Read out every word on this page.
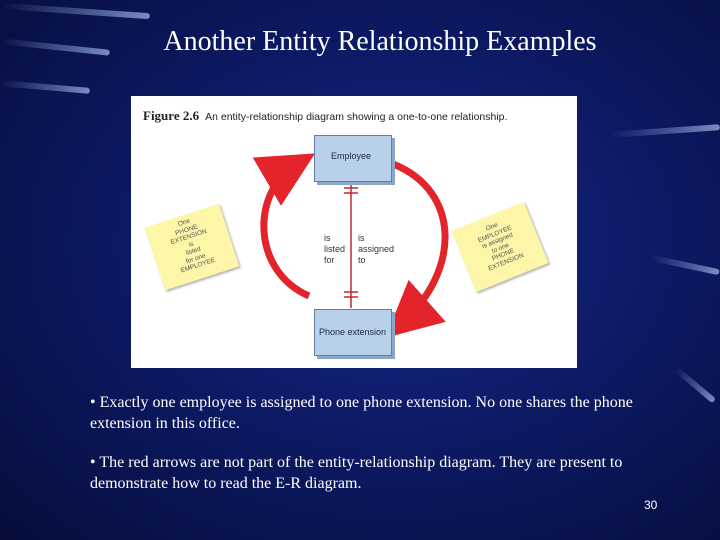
Another Entity Relationship Examples
Figure 2.6 An entity-relationship diagram showing a one-to-one relationship.
Employee
Phone extension
is
listed
for
is
assigned
to
One
PHONE
EXTENSION
is
listed
for one
EMPLOYEE
One
EMPLOYEE
is assigned
to one
PHONE
EXTENSION
• Exactly one employee is assigned to one phone extension. No one shares the phone extension in this office.
• The red arrows are not part of the entity-relationship diagram. They are present to demonstrate how to read the E-R diagram.
30
